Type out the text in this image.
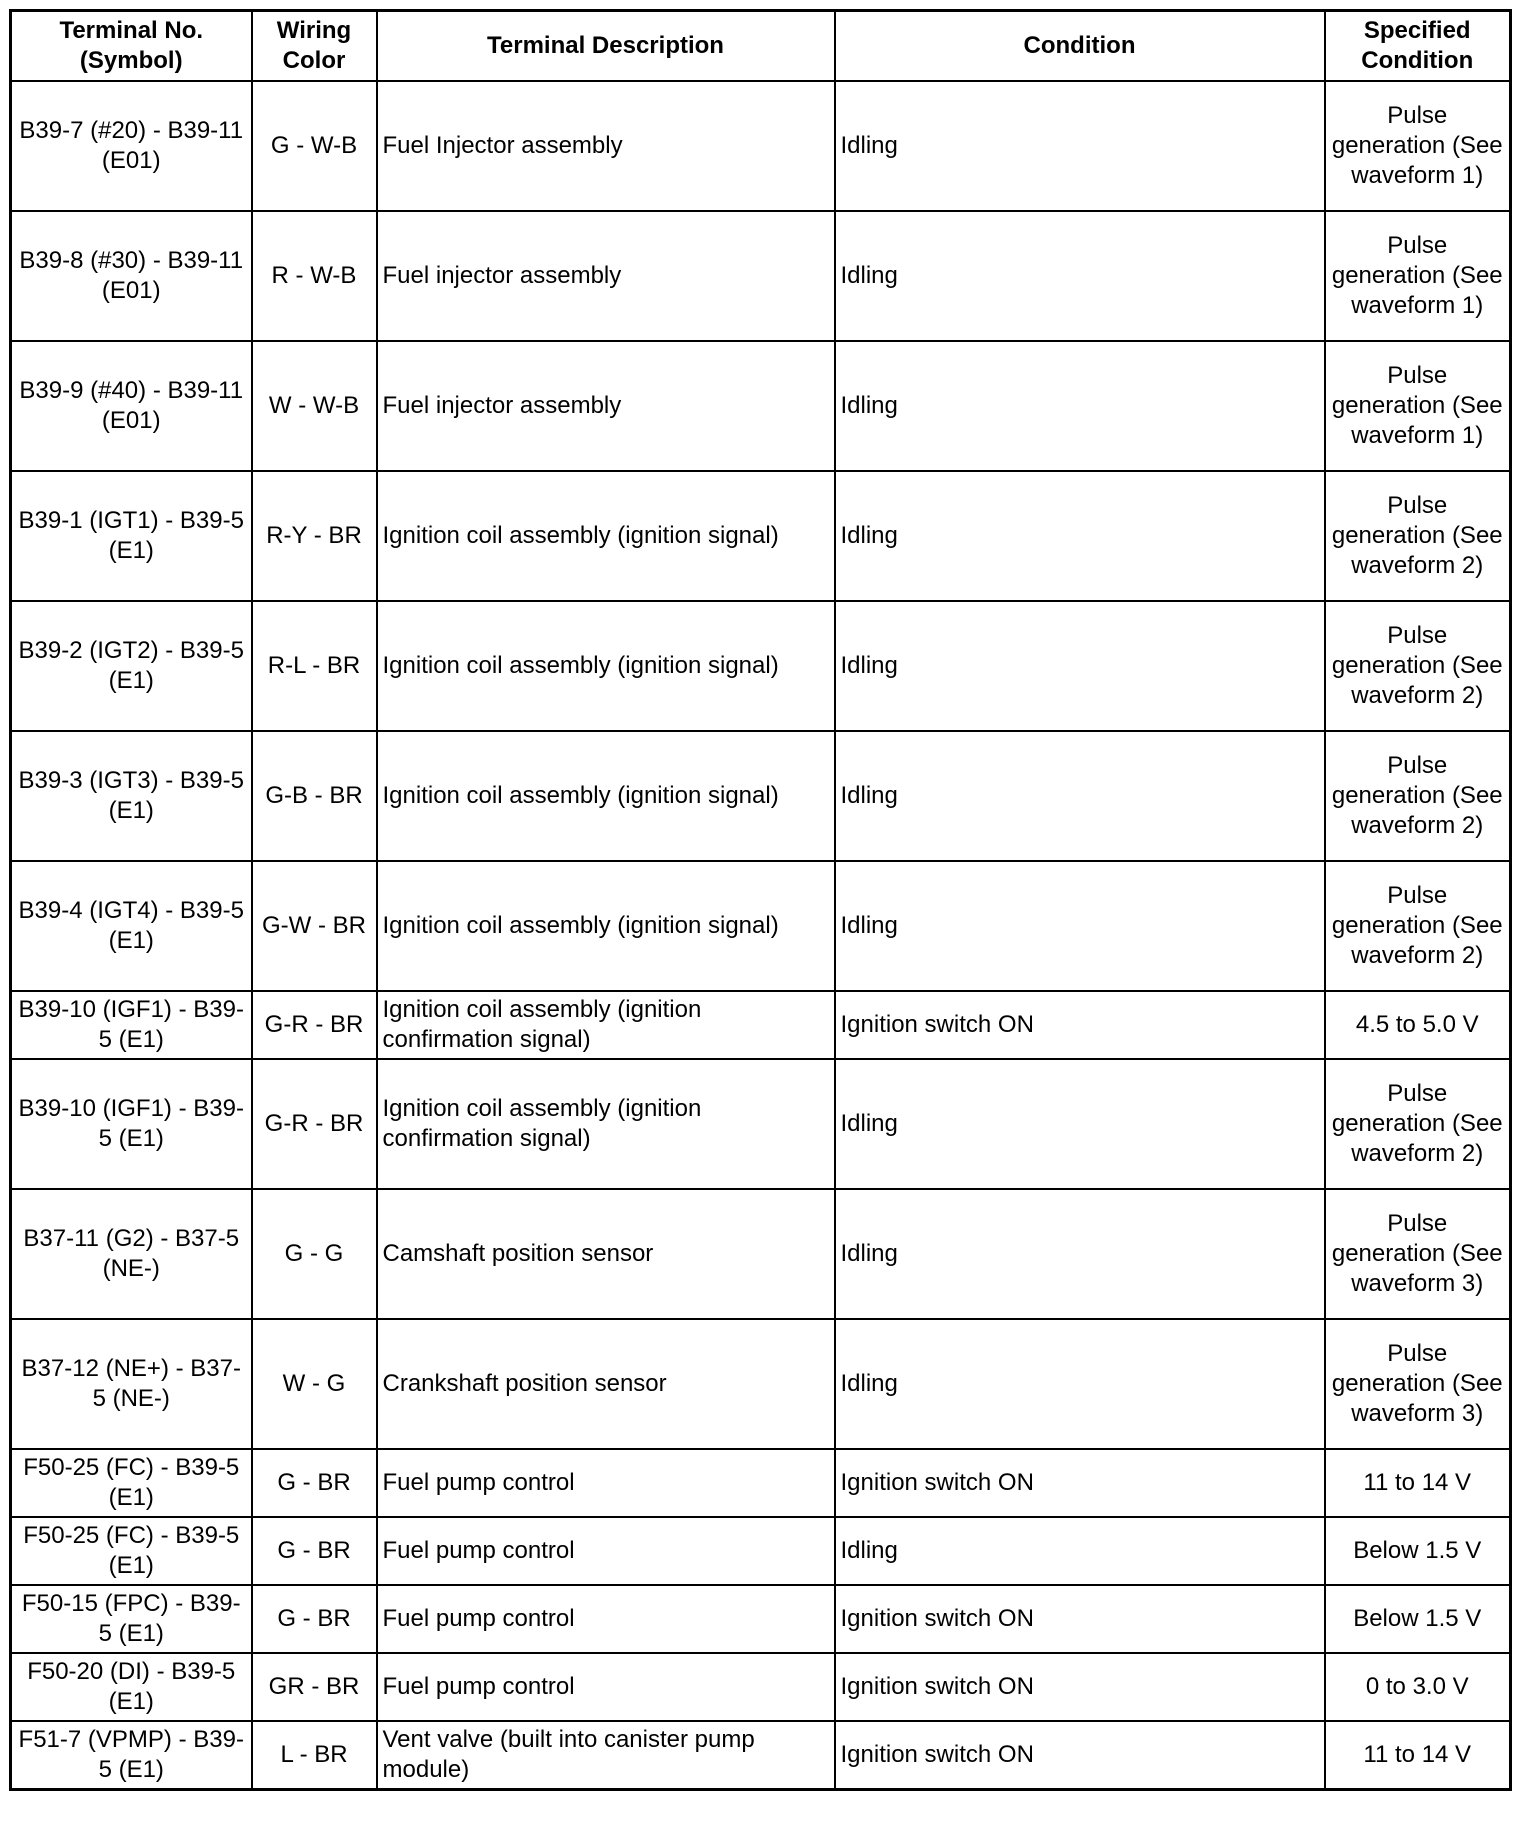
Terminal No. (Symbol)	Wiring Color	Terminal Description	Condition	Specified Condition
B39-7 (#20) - B39-11 (E01)	G - W-B	Fuel Injector assembly	Idling	Pulse generation (See waveform 1)
B39-8 (#30) - B39-11 (E01)	R - W-B	Fuel injector assembly	Idling	Pulse generation (See waveform 1)
B39-9 (#40) - B39-11 (E01)	W - W-B	Fuel injector assembly	Idling	Pulse generation (See waveform 1)
B39-1 (IGT1) - B39-5 (E1)	R-Y - BR	Ignition coil assembly (ignition signal)	Idling	Pulse generation (See waveform 2)
B39-2 (IGT2) - B39-5 (E1)	R-L - BR	Ignition coil assembly (ignition signal)	Idling	Pulse generation (See waveform 2)
B39-3 (IGT3) - B39-5 (E1)	G-B - BR	Ignition coil assembly (ignition signal)	Idling	Pulse generation (See waveform 2)
B39-4 (IGT4) - B39-5 (E1)	G-W - BR	Ignition coil assembly (ignition signal)	Idling	Pulse generation (See waveform 2)
B39-10 (IGF1) - B39-5 (E1)	G-R - BR	Ignition coil assembly (ignition confirmation signal)	Ignition switch ON	4.5 to 5.0 V
B39-10 (IGF1) - B39-5 (E1)	G-R - BR	Ignition coil assembly (ignition confirmation signal)	Idling	Pulse generation (See waveform 2)
B37-11 (G2) - B37-5 (NE-)	G - G	Camshaft position sensor	Idling	Pulse generation (See waveform 3)
B37-12 (NE+) - B37-5 (NE-)	W - G	Crankshaft position sensor	Idling	Pulse generation (See waveform 3)
F50-25 (FC) - B39-5 (E1)	G - BR	Fuel pump control	Ignition switch ON	11 to 14 V
F50-25 (FC) - B39-5 (E1)	G - BR	Fuel pump control	Idling	Below 1.5 V
F50-15 (FPC) - B39-5 (E1)	G - BR	Fuel pump control	Ignition switch ON	Below 1.5 V
F50-20 (DI) - B39-5 (E1)	GR - BR	Fuel pump control	Ignition switch ON	0 to 3.0 V
F51-7 (VPMP) - B39-5 (E1)	L - BR	Vent valve (built into canister pump module)	Ignition switch ON	11 to 14 V
